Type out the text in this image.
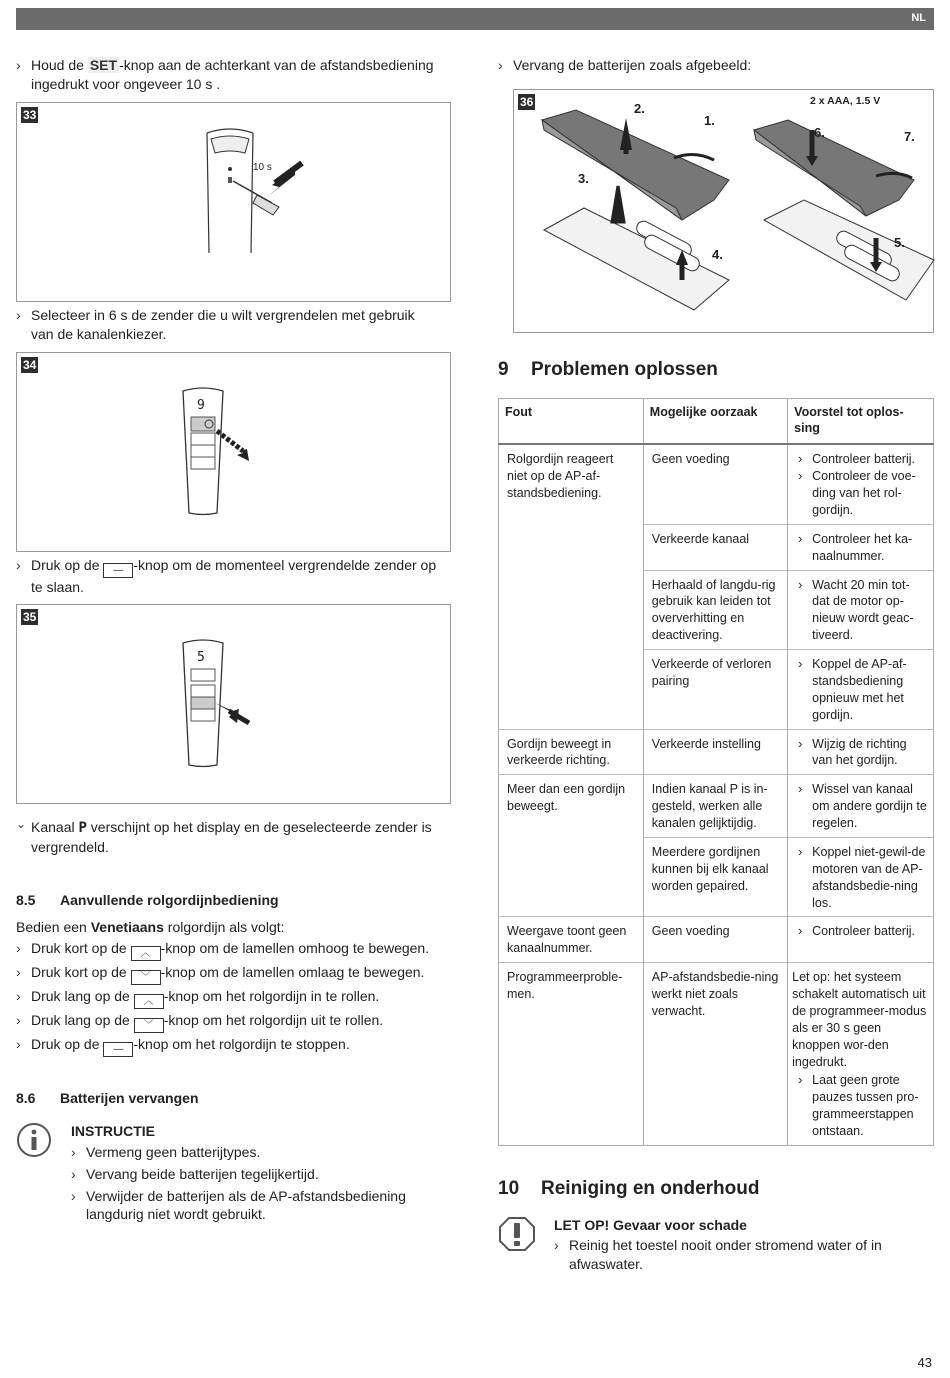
NL

› Houd de SET -knop aan de achterkant van de afstandsbediening ingedrukt voor ongeveer 10 s .

33
10 s

› Selecteer in 6 s de zender die u wilt vergrendelen met gebruik van de kanalenkiezer.

34
9

› Druk op de — -knop om de momenteel vergrendelde zender op te slaan.

35
5

⌄ Kanaal P verschijnt op het display en de geselecteerde zender is vergrendeld.

8.5 Aanvullende rolgordijnbediening

Bedien een Venetiaans rolgordijn als volgt:

› Druk kort op de ︿ -knop om de lamellen omhoog te bewegen.

› Druk kort op de ﹀ -knop om de lamellen omlaag te bewegen.

› Druk lang op de ︿ -knop om het rolgordijn in te rollen.

› Druk lang op de ﹀ -knop om het rolgordijn uit te rollen.

› Druk op de — -knop om het rolgordijn te stoppen.

8.6 Batterijen vervangen

INSTRUCTIE

› Vermeng geen batterijtypes.

› Vervang beide batterijen tegelijkertijd.

› Verwijder de batterijen als de AP-afstandsbediening langdurig niet wordt gebruikt.

› Vervang de batterijen zoals afgebeeld:

36	2 x AAA, 1.5 V
1.
2.
3.
4.
5.
6.	7.
9 Problemen oplossen
Fout	Mogelijke oorzaak	Voorstel tot oplos-sing
Rolgordijn reageert niet op de AP-af-standsbediening.	Geen voeding	› Controleer batterij.
› Controleer de voe-ding van het rol-gordijn.

	Verkeerde kanaal	› Controleer het ka-naalnummer.

	Herhaald of langdu-rig gebruik kan leiden tot oververhitting en deactivering.	› Wacht 20 min tot-dat de motor op-nieuw wordt geac-tiveerd.

	Verkeerde of verloren pairing	› Koppel de AP-af-standsbediening opnieuw met het gordijn.

Gordijn beweegt in verkeerde richting.	Verkeerde instelling	› Wijzig de richting van het gordijn.

Meer dan een gordijn beweegt.	Indien kanaal P is in-gesteld, werken alle kanalen gelijktijdig.	› Wissel van kanaal om andere gordijn te regelen.

	Meerdere gordijnen kunnen bij elk kanaal worden gepaired.	› Koppel niet-gewil-de motoren van de AP-afstandsbedie-ning los.

Weergave toont geen kanaalnummer.	Geen voeding	› Controleer batterij.

Programmeerproble-men.	AP-afstandsbedie-ning werkt niet zoals verwacht.	Let op: het systeem schakelt automatisch uit de programmeer-modus als er 30 s geen knoppen wor-den ingedrukt.
› Laat geen grote pauzes tussen pro-grammeerstappen ontstaan.
10 Reiniging en onderhoud

LET OP! Gevaar voor schade

› Reinig het toestel nooit onder stromend water of in afwaswater.

43
